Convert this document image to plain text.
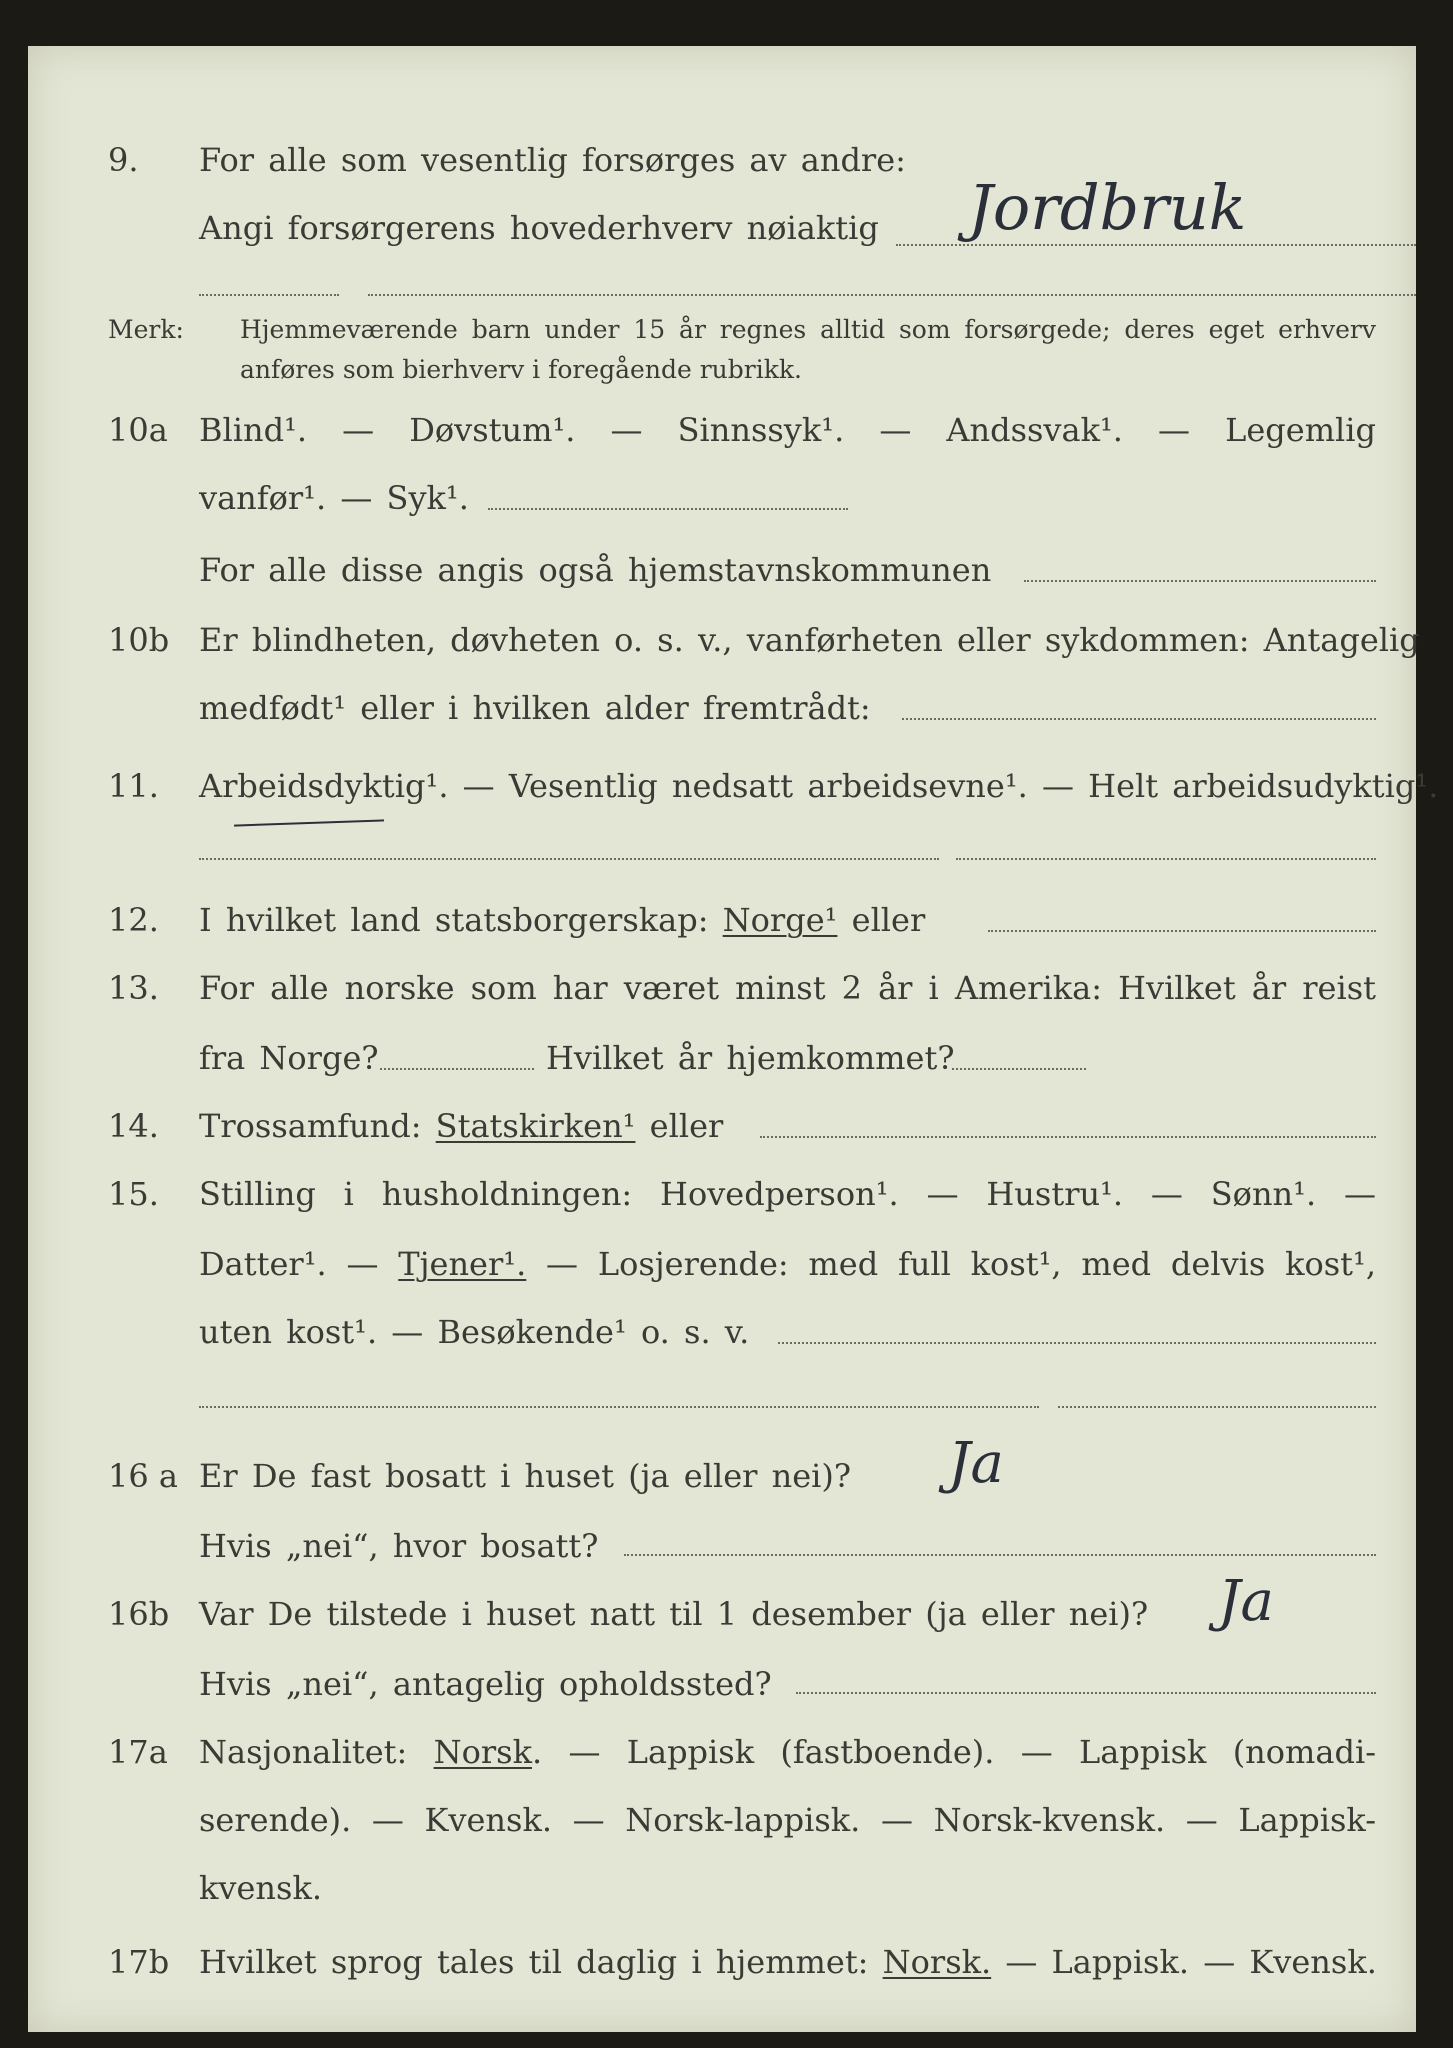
9. For alle som vesentlig forsørges av andre:
Angi forsørgerens hovederhverv nøiaktig Jordbruk
Merk: Hjemmeværende barn under 15 år regnes alltid som forsørgede; deres eget erhverv
anføres som bierhverv i foregående rubrikk.
10a Blind¹. — Døvstum¹. — Sinnssyk¹. — Andssvak¹. — Legemlig
vanfør¹. — Syk¹.
For alle disse angis også hjemstavnskommunen
10b Er blindheten, døvheten o. s. v., vanførheten eller sykdommen: Antagelig
medfødt¹ eller i hvilken alder fremtrådt:
11. Arbeidsdyktig¹. — Vesentlig nedsatt arbeidsevne¹. — Helt arbeidsudyktig¹.
12. I hvilket land statsborgerskap: Norge¹ eller
13. For alle norske som har været minst 2 år i Amerika: Hvilket år reist
fra Norge?	Hvilket år hjemkommet?
14. Trossamfund: Statskirken¹ eller
15. Stilling i husholdningen: Hovedperson¹. — Hustru¹. — Sønn¹. —
Datter¹. — Tjener¹. — Losjerende: med full kost¹, med delvis kost¹,
uten kost¹. — Besøkende¹ o. s. v.
16 a Er De fast bosatt i huset (ja eller nei)? Ja
Hvis „nei“, hvor bosatt?
16b Var De tilstede i huset natt til 1 desember (ja eller nei)? Ja
Hvis „nei“, antagelig opholdssted?
17a Nasjonalitet: Norsk. — Lappisk (fastboende). — Lappisk (nomadi-
serende). — Kvensk. — Norsk-lappisk. — Norsk-kvensk. — Lappisk-
kvensk.
17b Hvilket sprog tales til daglig i hjemmet: Norsk. — Lappisk. — Kvensk.
